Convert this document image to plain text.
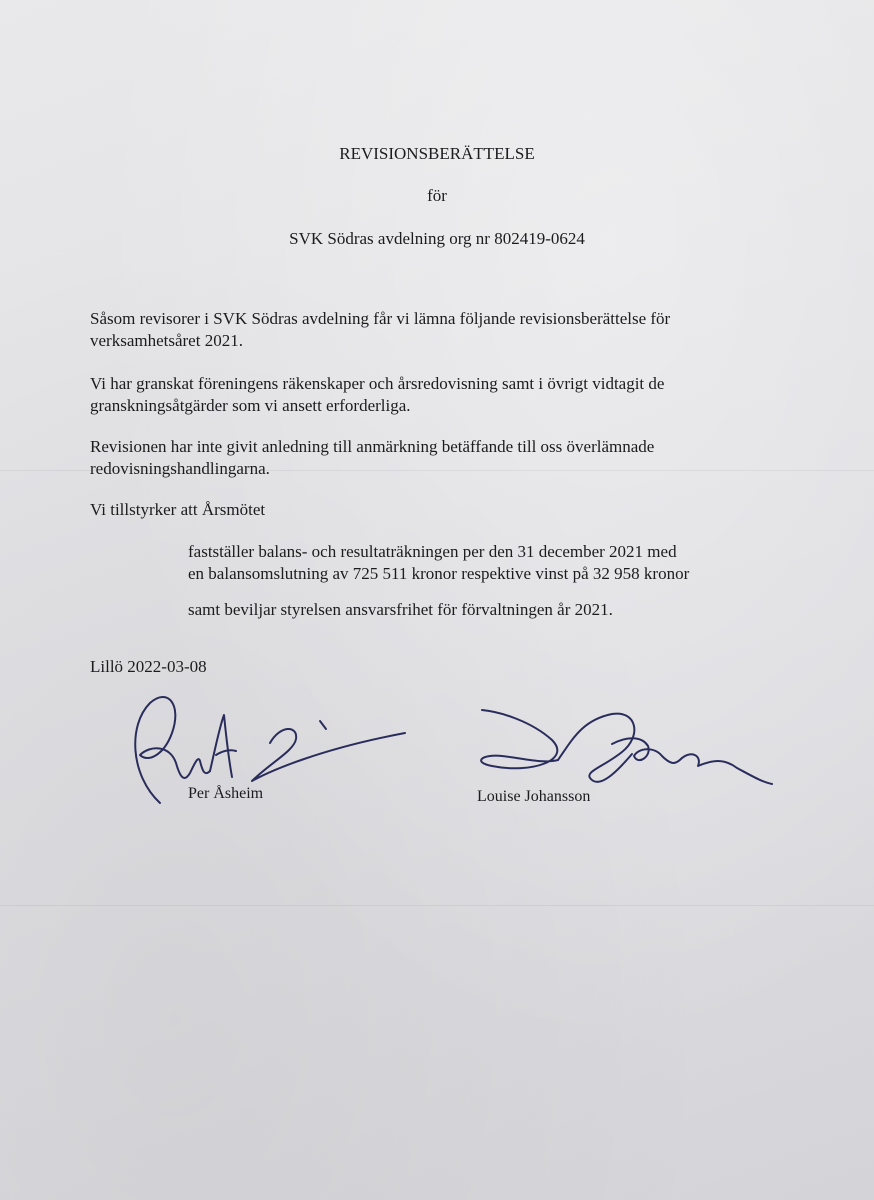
REVISIONSBERÄTTELSE
för
SVK Södras avdelning org nr 802419-0624
Såsom revisorer i SVK Södras avdelning får vi lämna följande revisionsberättelse för
verksamhetsåret 2021.
Vi har granskat föreningens räkenskaper och årsredovisning samt i övrigt vidtagit de
granskningsåtgärder som vi ansett erforderliga.
Revisionen har inte givit anledning till anmärkning betäffande till oss överlämnade
redovisningshandlingarna.
Vi tillstyrker att Årsmötet
fastställer balans- och resultaträkningen per den 31 december 2021 med
en balansomslutning av 725 511 kronor respektive vinst på 32 958 kronor
samt beviljar styrelsen ansvarsfrihet för förvaltningen år 2021.
Lillö 2022-03-08
Per Åsheim	Louise Johansson
